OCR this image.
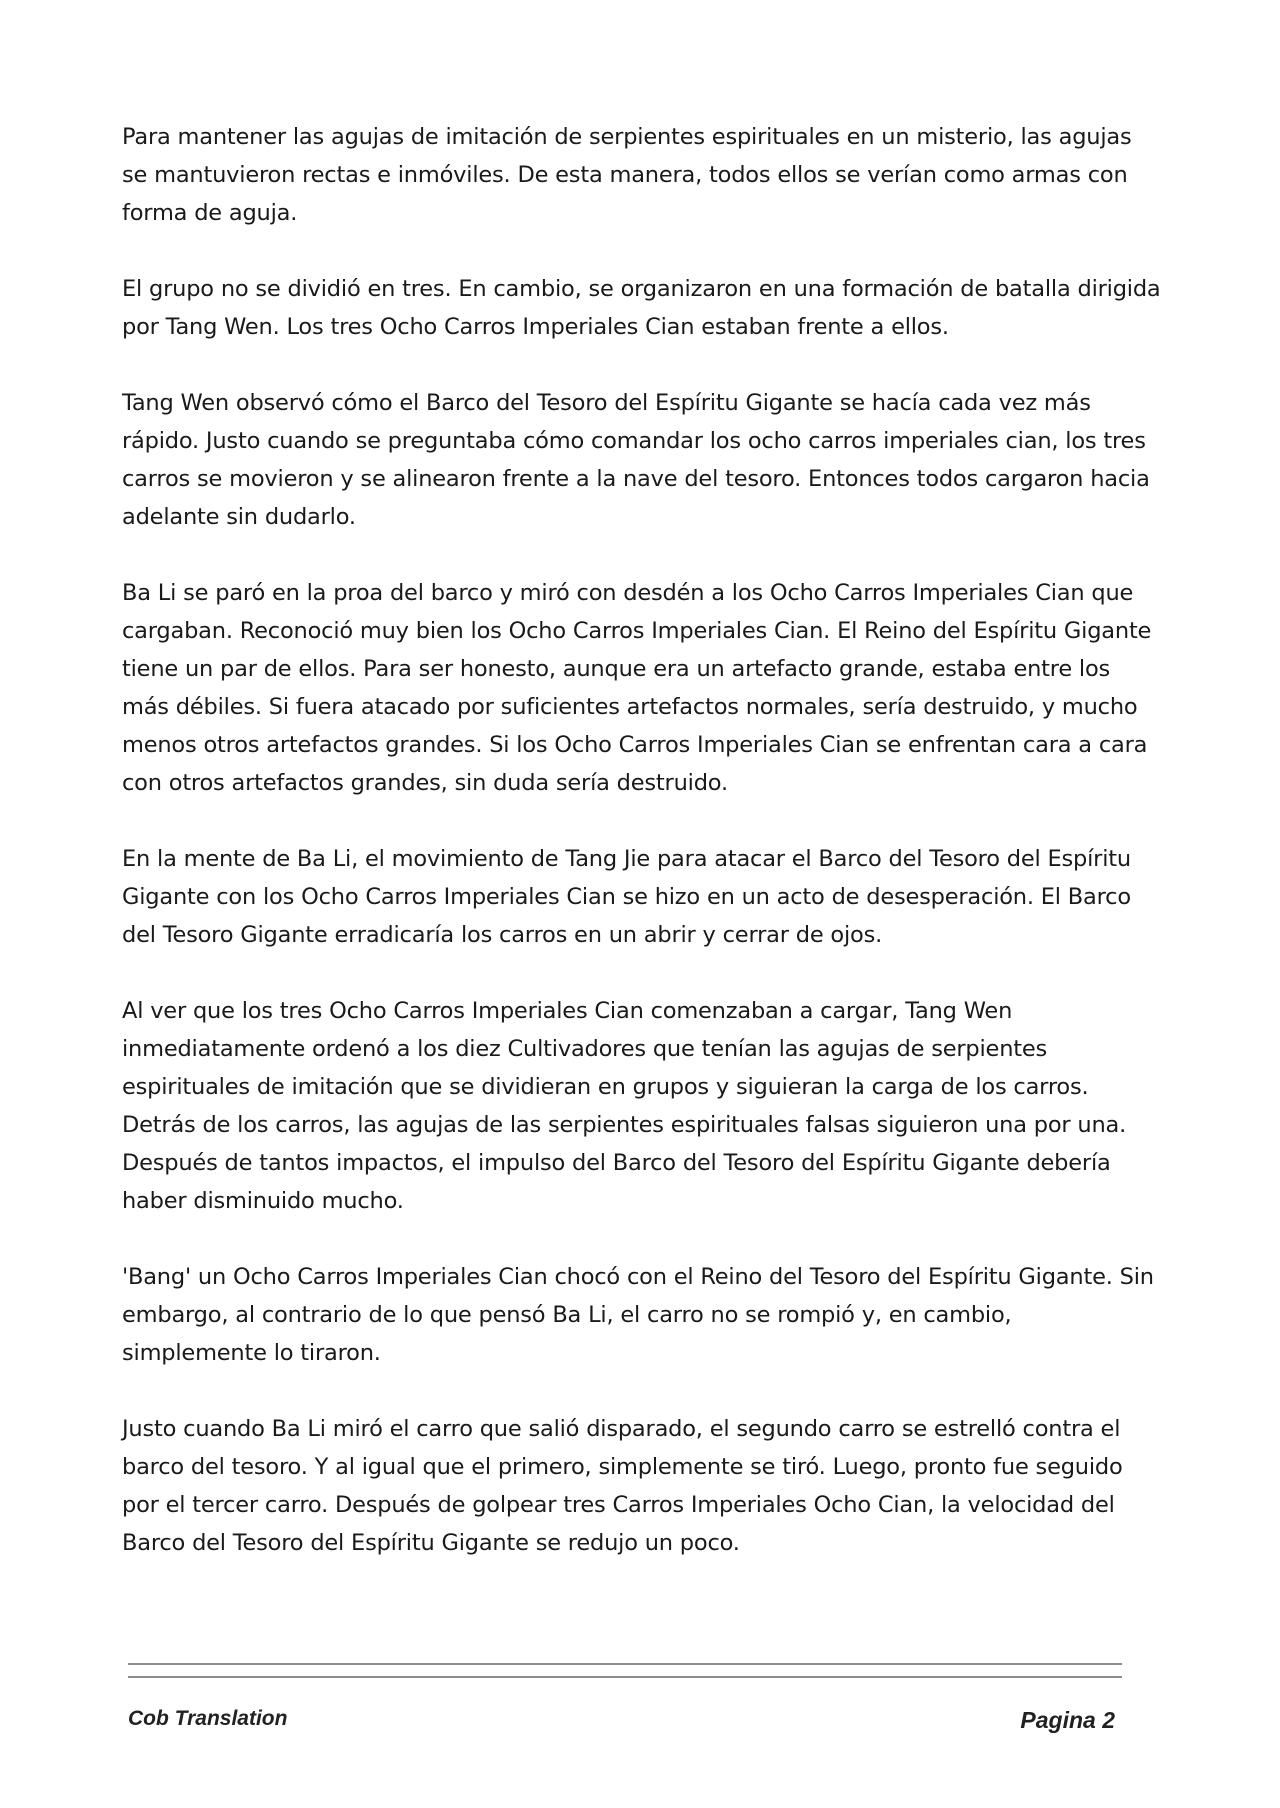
Para mantener las agujas de imitación de serpientes espirituales en un misterio, las agujas se mantuvieron rectas e inmóviles. De esta manera, todos ellos se verían como armas con forma de aguja.

El grupo no se dividió en tres. En cambio, se organizaron en una formación de batalla dirigida por Tang Wen. Los tres Ocho Carros Imperiales Cian estaban frente a ellos.

Tang Wen observó cómo el Barco del Tesoro del Espíritu Gigante se hacía cada vez más rápido. Justo cuando se preguntaba cómo comandar los ocho carros imperiales cian, los tres carros se movieron y se alinearon frente a la nave del tesoro. Entonces todos cargaron hacia adelante sin dudarlo.

Ba Li se paró en la proa del barco y miró con desdén a los Ocho Carros Imperiales Cian que cargaban. Reconoció muy bien los Ocho Carros Imperiales Cian. El Reino del Espíritu Gigante tiene un par de ellos. Para ser honesto, aunque era un artefacto grande, estaba entre los más débiles. Si fuera atacado por suficientes artefactos normales, sería destruido, y mucho menos otros artefactos grandes. Si los Ocho Carros Imperiales Cian se enfrentan cara a cara con otros artefactos grandes, sin duda sería destruido.

En la mente de Ba Li, el movimiento de Tang Jie para atacar el Barco del Tesoro del Espíritu Gigante con los Ocho Carros Imperiales Cian se hizo en un acto de desesperación. El Barco del Tesoro Gigante erradicaría los carros en un abrir y cerrar de ojos.

Al ver que los tres Ocho Carros Imperiales Cian comenzaban a cargar, Tang Wen inmediatamente ordenó a los diez Cultivadores que tenían las agujas de serpientes espirituales de imitación que se dividieran en grupos y siguieran la carga de los carros. Detrás de los carros, las agujas de las serpientes espirituales falsas siguieron una por una. Después de tantos impactos, el impulso del Barco del Tesoro del Espíritu Gigante debería haber disminuido mucho.

'Bang' un Ocho Carros Imperiales Cian chocó con el Reino del Tesoro del Espíritu Gigante. Sin embargo, al contrario de lo que pensó Ba Li, el carro no se rompió y, en cambio, simplemente lo tiraron.

Justo cuando Ba Li miró el carro que salió disparado, el segundo carro se estrelló contra el barco del tesoro. Y al igual que el primero, simplemente se tiró. Luego, pronto fue seguido por el tercer carro. Después de golpear tres Carros Imperiales Ocho Cian, la velocidad del Barco del Tesoro del Espíritu Gigante se redujo un poco.

Cob Translation	Pagina 2
